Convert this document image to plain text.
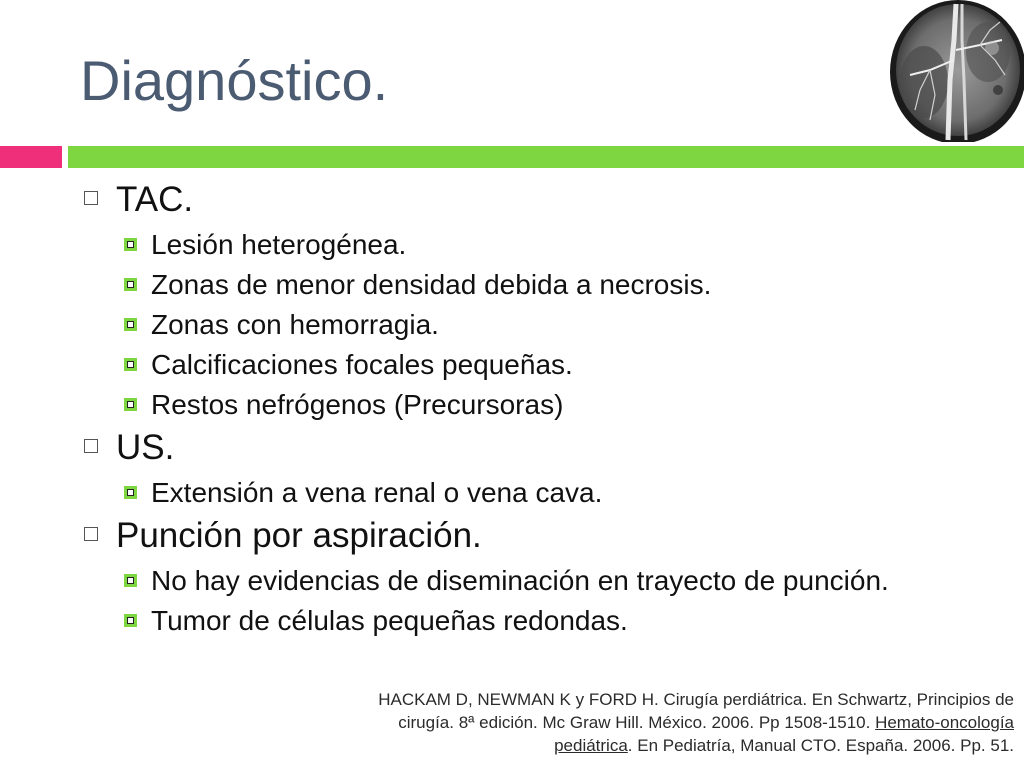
Diagnóstico.
TAC.
Lesión heterogénea.
Zonas de menor densidad debida a necrosis.
Zonas con hemorragia.
Calcificaciones focales pequeñas.
Restos nefrógenos (Precursoras)
US.
Extensión a vena renal o vena cava.
Punción por aspiración.
No hay evidencias de diseminación en trayecto de punción.
Tumor de células pequeñas redondas.
HACKAM D, NEWMAN K y FORD H. Cirugía perdiátrica. En Schwartz, Principios de cirugía. 8ª edición. Mc Graw Hill. México. 2006. Pp 1508-1510. Hemato-oncología pediátrica. En Pediatría, Manual CTO. España. 2006. Pp. 51.
